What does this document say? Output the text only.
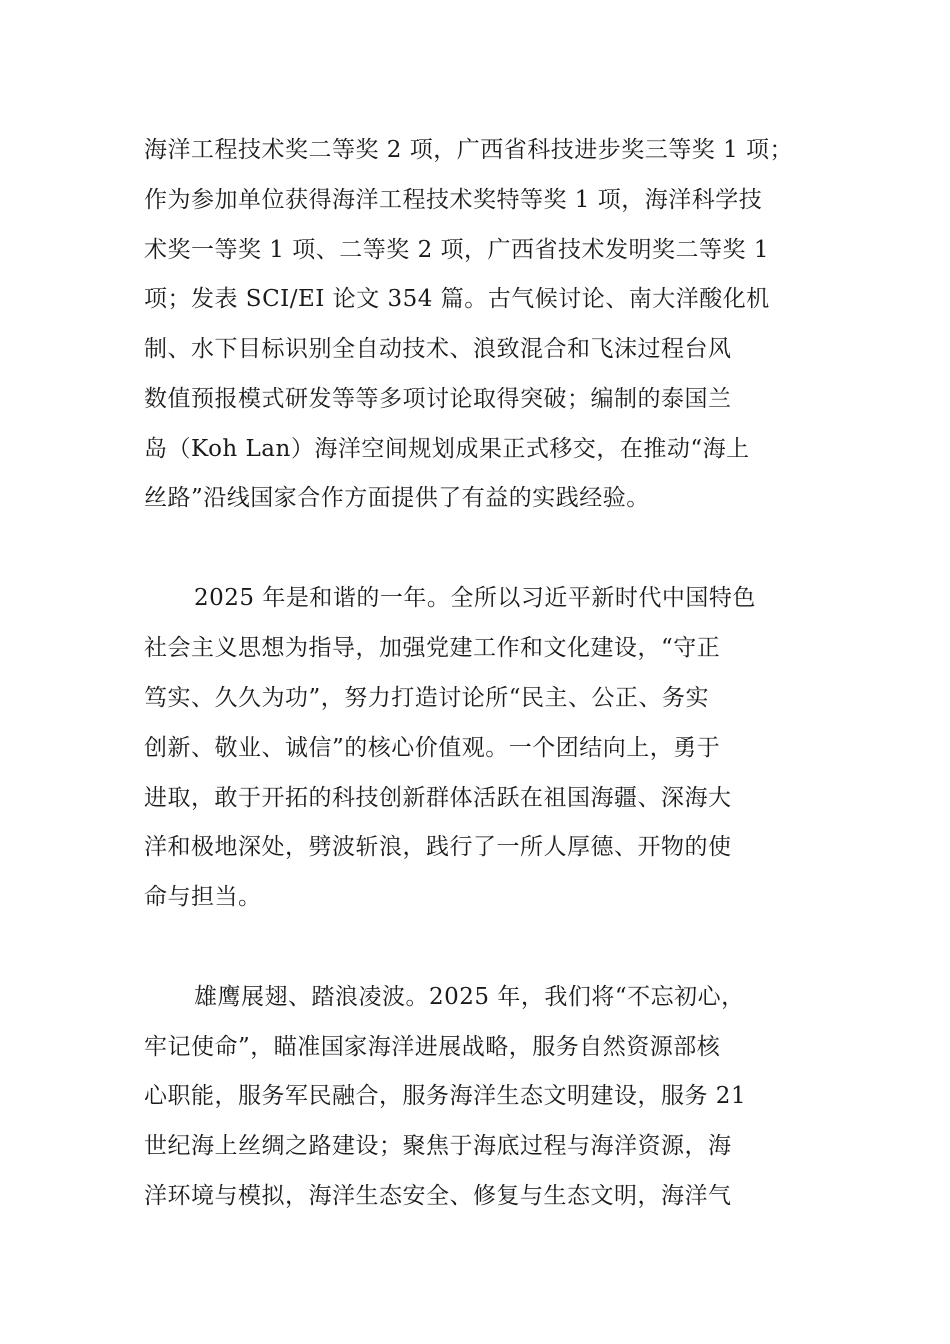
海洋工程技术奖二等奖 2 项，广西省科技进步奖三等奖 1 项；
作为参加单位获得海洋工程技术奖特等奖 1 项，海洋科学技
术奖一等奖 1 项、二等奖 2 项，广西省技术发明奖二等奖 1
项；发表 SCI/EI 论文 354 篇。古气候讨论、南大洋酸化机
制、水下目标识别全自动技术、浪致混合和飞沫过程台风
数值预报模式研发等等多项讨论取得突破；编制的泰国兰
岛（Koh Lan）海洋空间规划成果正式移交，在推动“海上
丝路”沿线国家合作方面提供了有益的实践经验。
2025 年是和谐的一年。全所以习近平新时代中国特色
社会主义思想为指导，加强党建工作和文化建设，“守正
笃实、久久为功”，努力打造讨论所“民主、公正、务实
创新、敬业、诚信”的核心价值观。一个团结向上，勇于
进取，敢于开拓的科技创新群体活跃在祖国海疆、深海大
洋和极地深处，劈波斩浪，践行了一所人厚德、开物的使
命与担当。
雄鹰展翅、踏浪凌波。2025 年，我们将“不忘初心，
牢记使命”，瞄准国家海洋进展战略，服务自然资源部核
心职能，服务军民融合，服务海洋生态文明建设，服务 21
世纪海上丝绸之路建设；聚焦于海底过程与海洋资源，海
洋环境与模拟，海洋生态安全、修复与生态文明，海洋气
